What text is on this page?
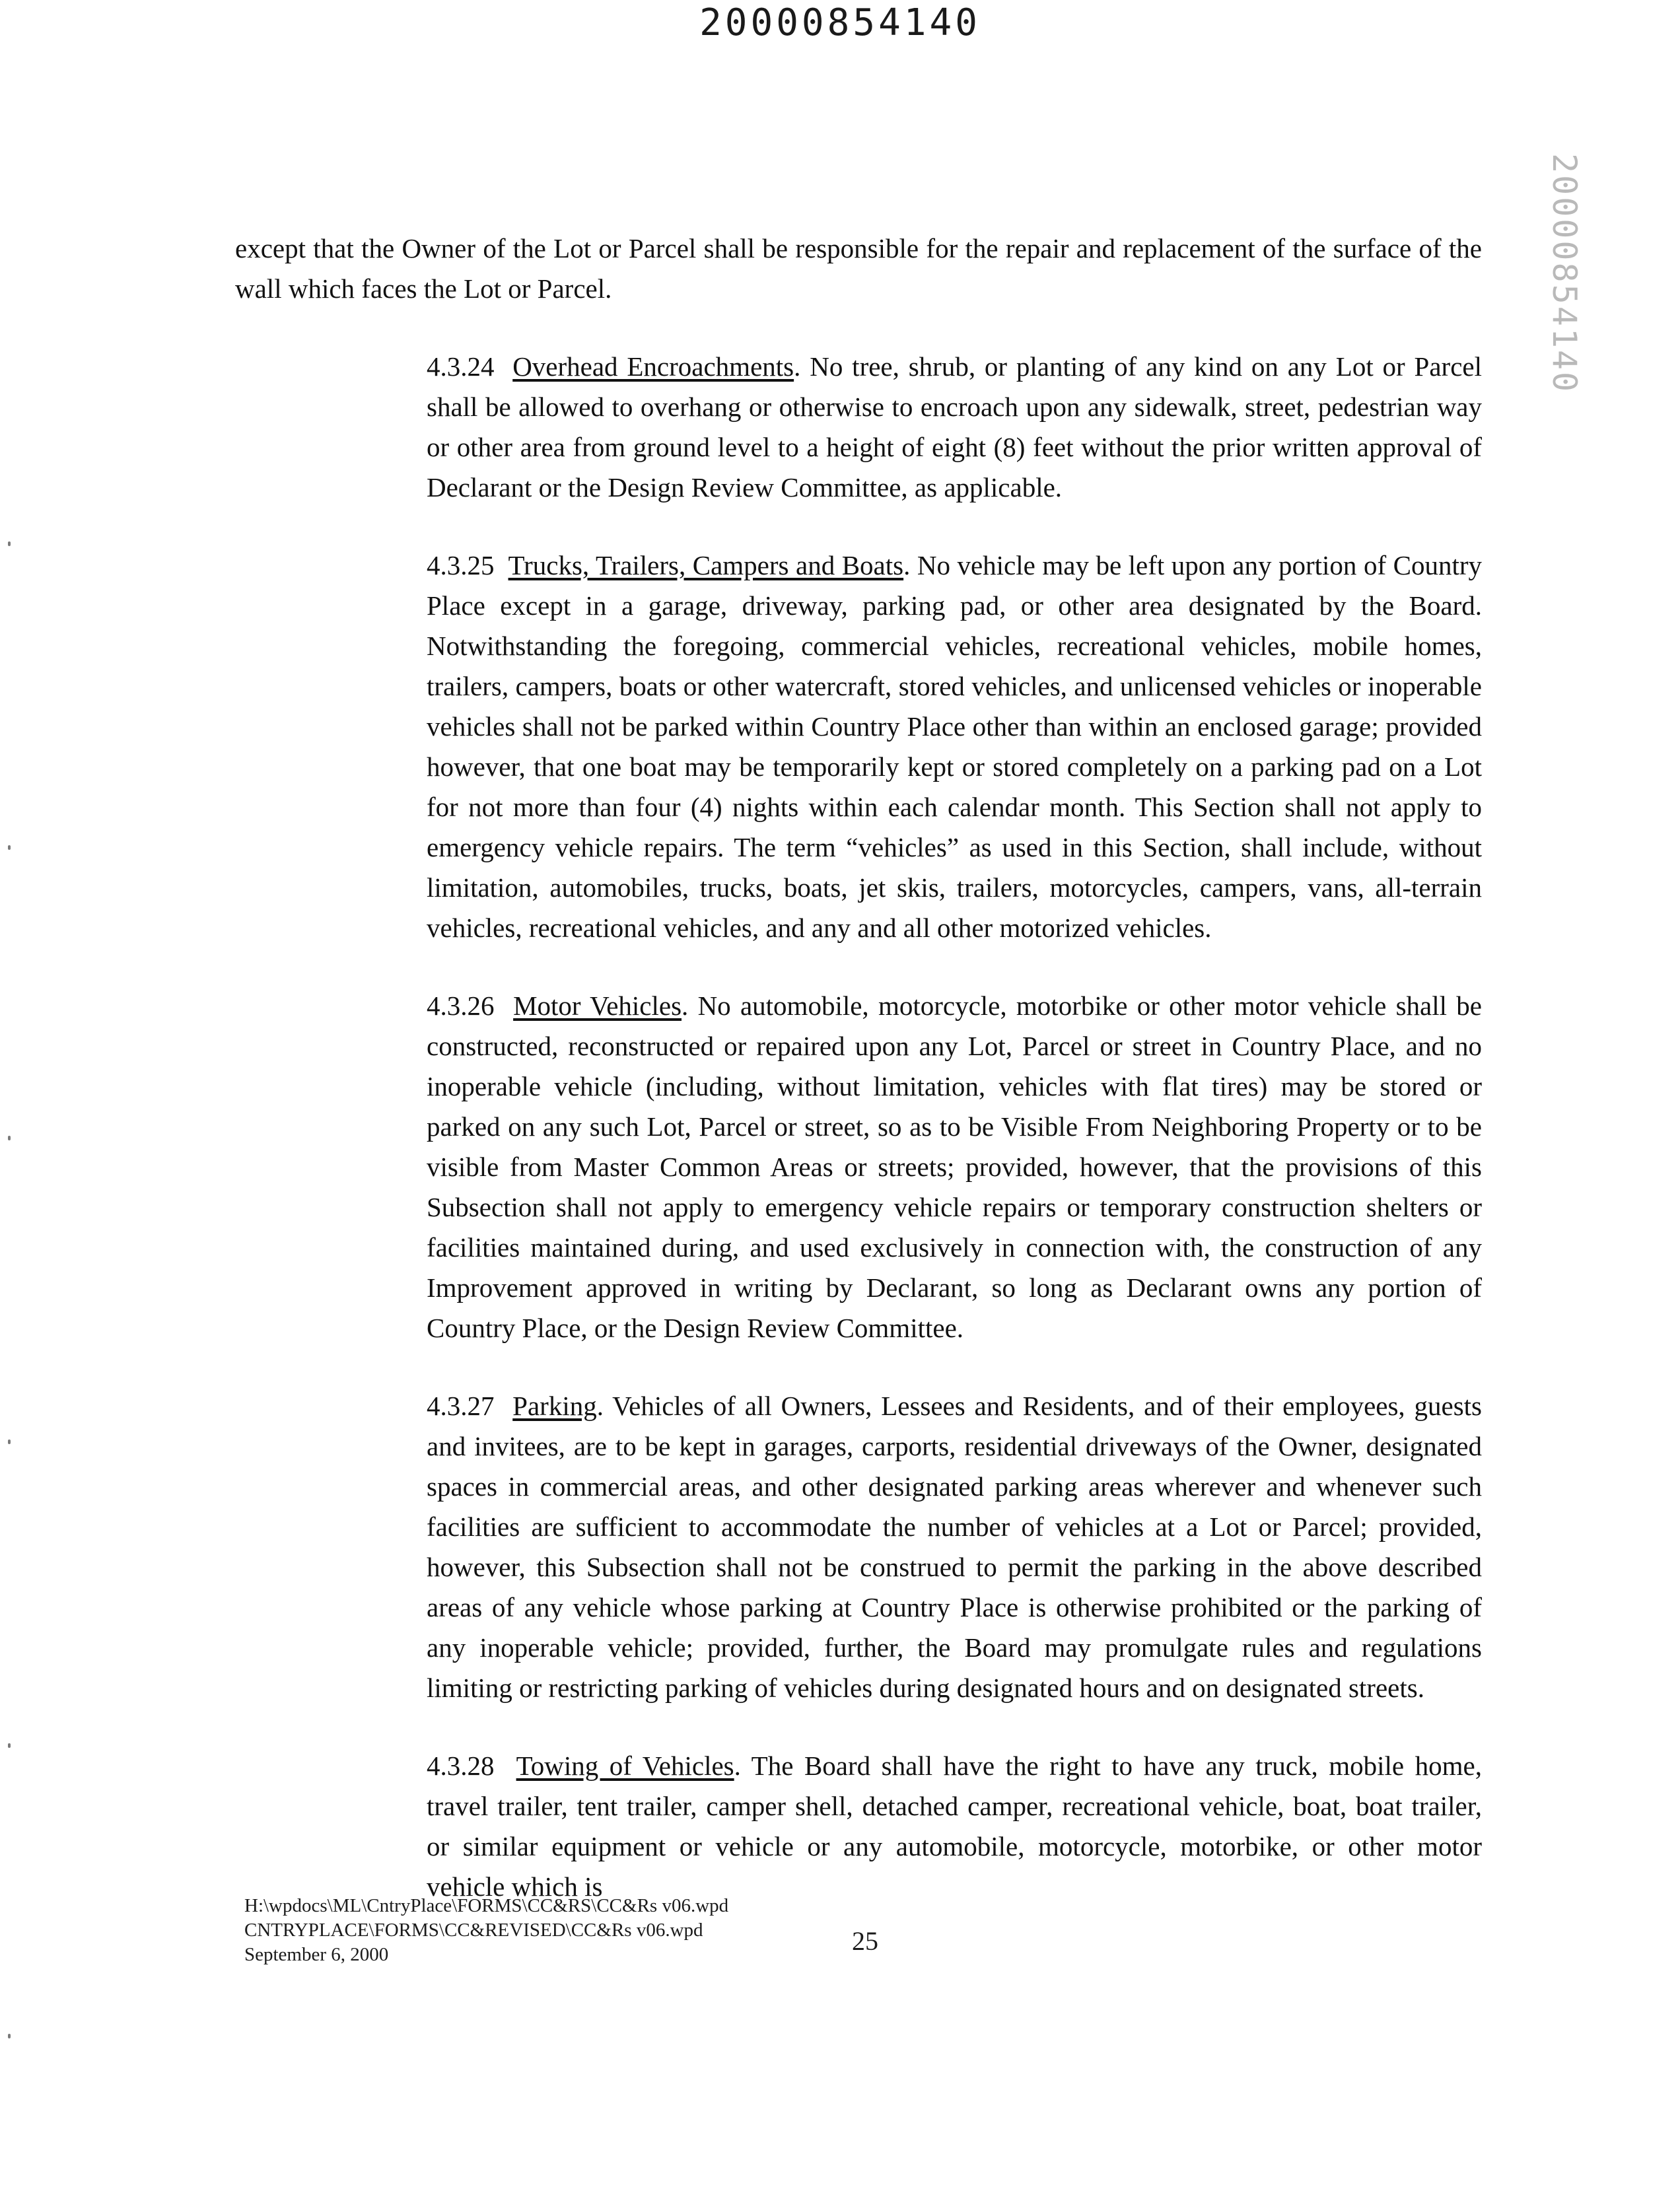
20000854140
20000854140

except that the Owner of the Lot or Parcel shall be responsible for the repair and replacement of the surface of the wall which faces the Lot or Parcel.

4.3.24 Overhead Encroachments. No tree, shrub, or planting of any kind on any Lot or Parcel shall be allowed to overhang or otherwise to encroach upon any sidewalk, street, pedestrian way or other area from ground level to a height of eight (8) feet without the prior written approval of Declarant or the Design Review Committee, as applicable.

4.3.25 Trucks, Trailers, Campers and Boats. No vehicle may be left upon any portion of Country Place except in a garage, driveway, parking pad, or other area designated by the Board. Notwithstanding the foregoing, commercial vehicles, recreational vehicles, mobile homes, trailers, campers, boats or other watercraft, stored vehicles, and unlicensed vehicles or inoperable vehicles shall not be parked within Country Place other than within an enclosed garage; provided however, that one boat may be temporarily kept or stored completely on a parking pad on a Lot for not more than four (4) nights within each calendar month. This Section shall not apply to emergency vehicle repairs. The term “vehicles” as used in this Section, shall include, without limitation, automobiles, trucks, boats, jet skis, trailers, motorcycles, campers, vans, all-terrain vehicles, recreational vehicles, and any and all other motorized vehicles.

4.3.26 Motor Vehicles. No automobile, motorcycle, motorbike or other motor vehicle shall be constructed, reconstructed or repaired upon any Lot, Parcel or street in Country Place, and no inoperable vehicle (including, without limitation, vehicles with flat tires) may be stored or parked on any such Lot, Parcel or street, so as to be Visible From Neighboring Property or to be visible from Master Common Areas or streets; provided, however, that the provisions of this Subsection shall not apply to emergency vehicle repairs or temporary construction shelters or facilities maintained during, and used exclusively in connection with, the construction of any Improvement approved in writing by Declarant, so long as Declarant owns any portion of Country Place, or the Design Review Committee.

4.3.27 Parking. Vehicles of all Owners, Lessees and Residents, and of their employees, guests and invitees, are to be kept in garages, carports, residential driveways of the Owner, designated spaces in commercial areas, and other designated parking areas wherever and whenever such facilities are sufficient to accommodate the number of vehicles at a Lot or Parcel; provided, however, this Subsection shall not be construed to permit the parking in the above described areas of any vehicle whose parking at Country Place is otherwise prohibited or the parking of any inoperable vehicle; provided, further, the Board may promulgate rules and regulations limiting or restricting parking of vehicles during designated hours and on designated streets.

4.3.28 Towing of Vehicles. The Board shall have the right to have any truck, mobile home, travel trailer, tent trailer, camper shell, detached camper, recreational vehicle, boat, boat trailer, or similar equipment or vehicle or any automobile, motorcycle, motorbike, or other motor vehicle which is

H:\wpdocs\ML\CntryPlace\FORMS\CC&RS\CC&Rs v06.wpd
CNTRYPLACE\FORMS\CC&REVISED\CC&Rs v06.wpd
September 6, 2000	25
